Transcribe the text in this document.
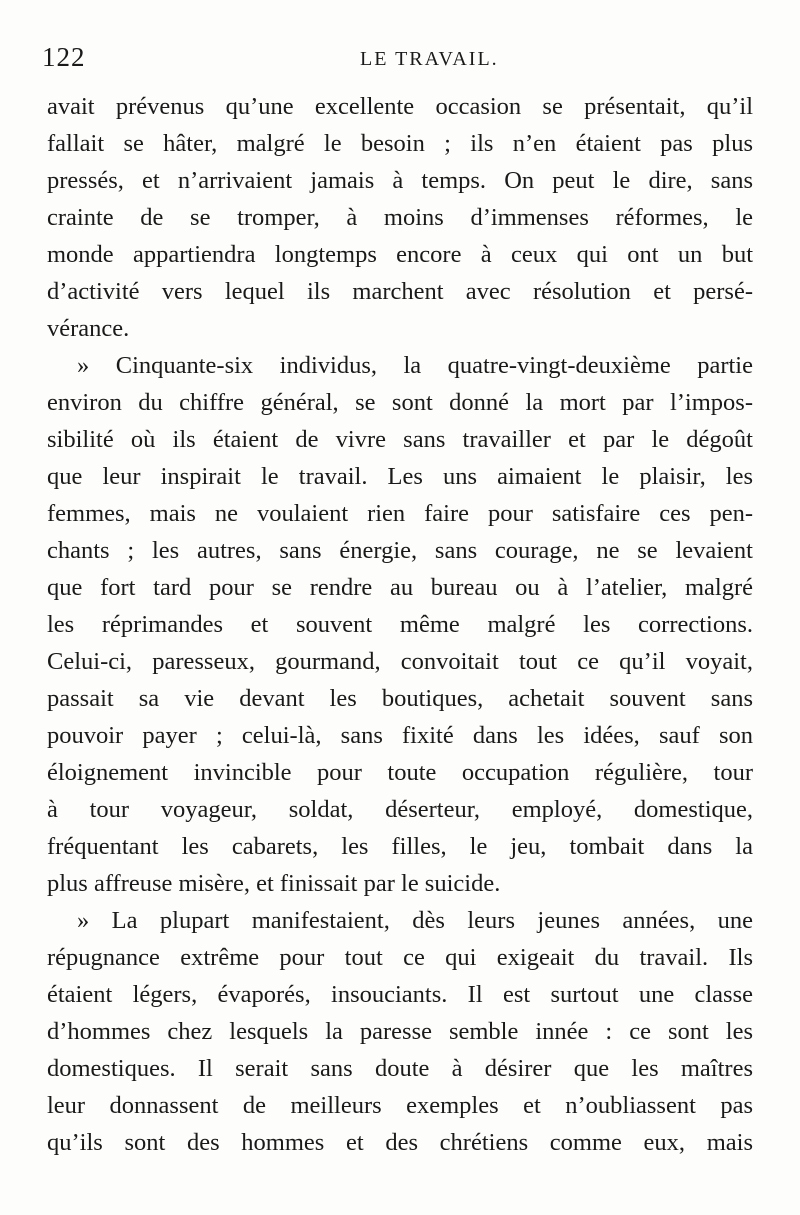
122	LE TRAVAIL.
avait prévenus qu’une excellente occasion se présentait, qu’il
fallait se hâter, malgré le besoin ; ils n’en étaient pas plus
pressés, et n’arrivaient jamais à temps. On peut le dire, sans
crainte de se tromper, à moins d’immenses réformes, le
monde appartiendra longtemps encore à ceux qui ont un but
d’activité vers lequel ils marchent avec résolution et persé-
vérance.
» Cinquante-six individus, la quatre-vingt-deuxième partie
environ du chiffre général, se sont donné la mort par l’impos-
sibilité où ils étaient de vivre sans travailler et par le dégoût
que leur inspirait le travail. Les uns aimaient le plaisir, les
femmes, mais ne voulaient rien faire pour satisfaire ces pen-
chants ; les autres, sans énergie, sans courage, ne se levaient
que fort tard pour se rendre au bureau ou à l’atelier, malgré
les réprimandes et souvent même malgré les corrections.
Celui-ci, paresseux, gourmand, convoitait tout ce qu’il voyait,
passait sa vie devant les boutiques, achetait souvent sans
pouvoir payer ; celui-là, sans fixité dans les idées, sauf son
éloignement invincible pour toute occupation régulière, tour
à tour voyageur, soldat, déserteur, employé, domestique,
fréquentant les cabarets, les filles, le jeu, tombait dans la
plus affreuse misère, et finissait par le suicide.
» La plupart manifestaient, dès leurs jeunes années, une
répugnance extrême pour tout ce qui exigeait du travail. Ils
étaient légers, évaporés, insouciants. Il est surtout une classe
d’hommes chez lesquels la paresse semble innée : ce sont les
domestiques. Il serait sans doute à désirer que les maîtres
leur donnassent de meilleurs exemples et n’oubliassent pas
qu’ils sont des hommes et des chrétiens comme eux, mais
